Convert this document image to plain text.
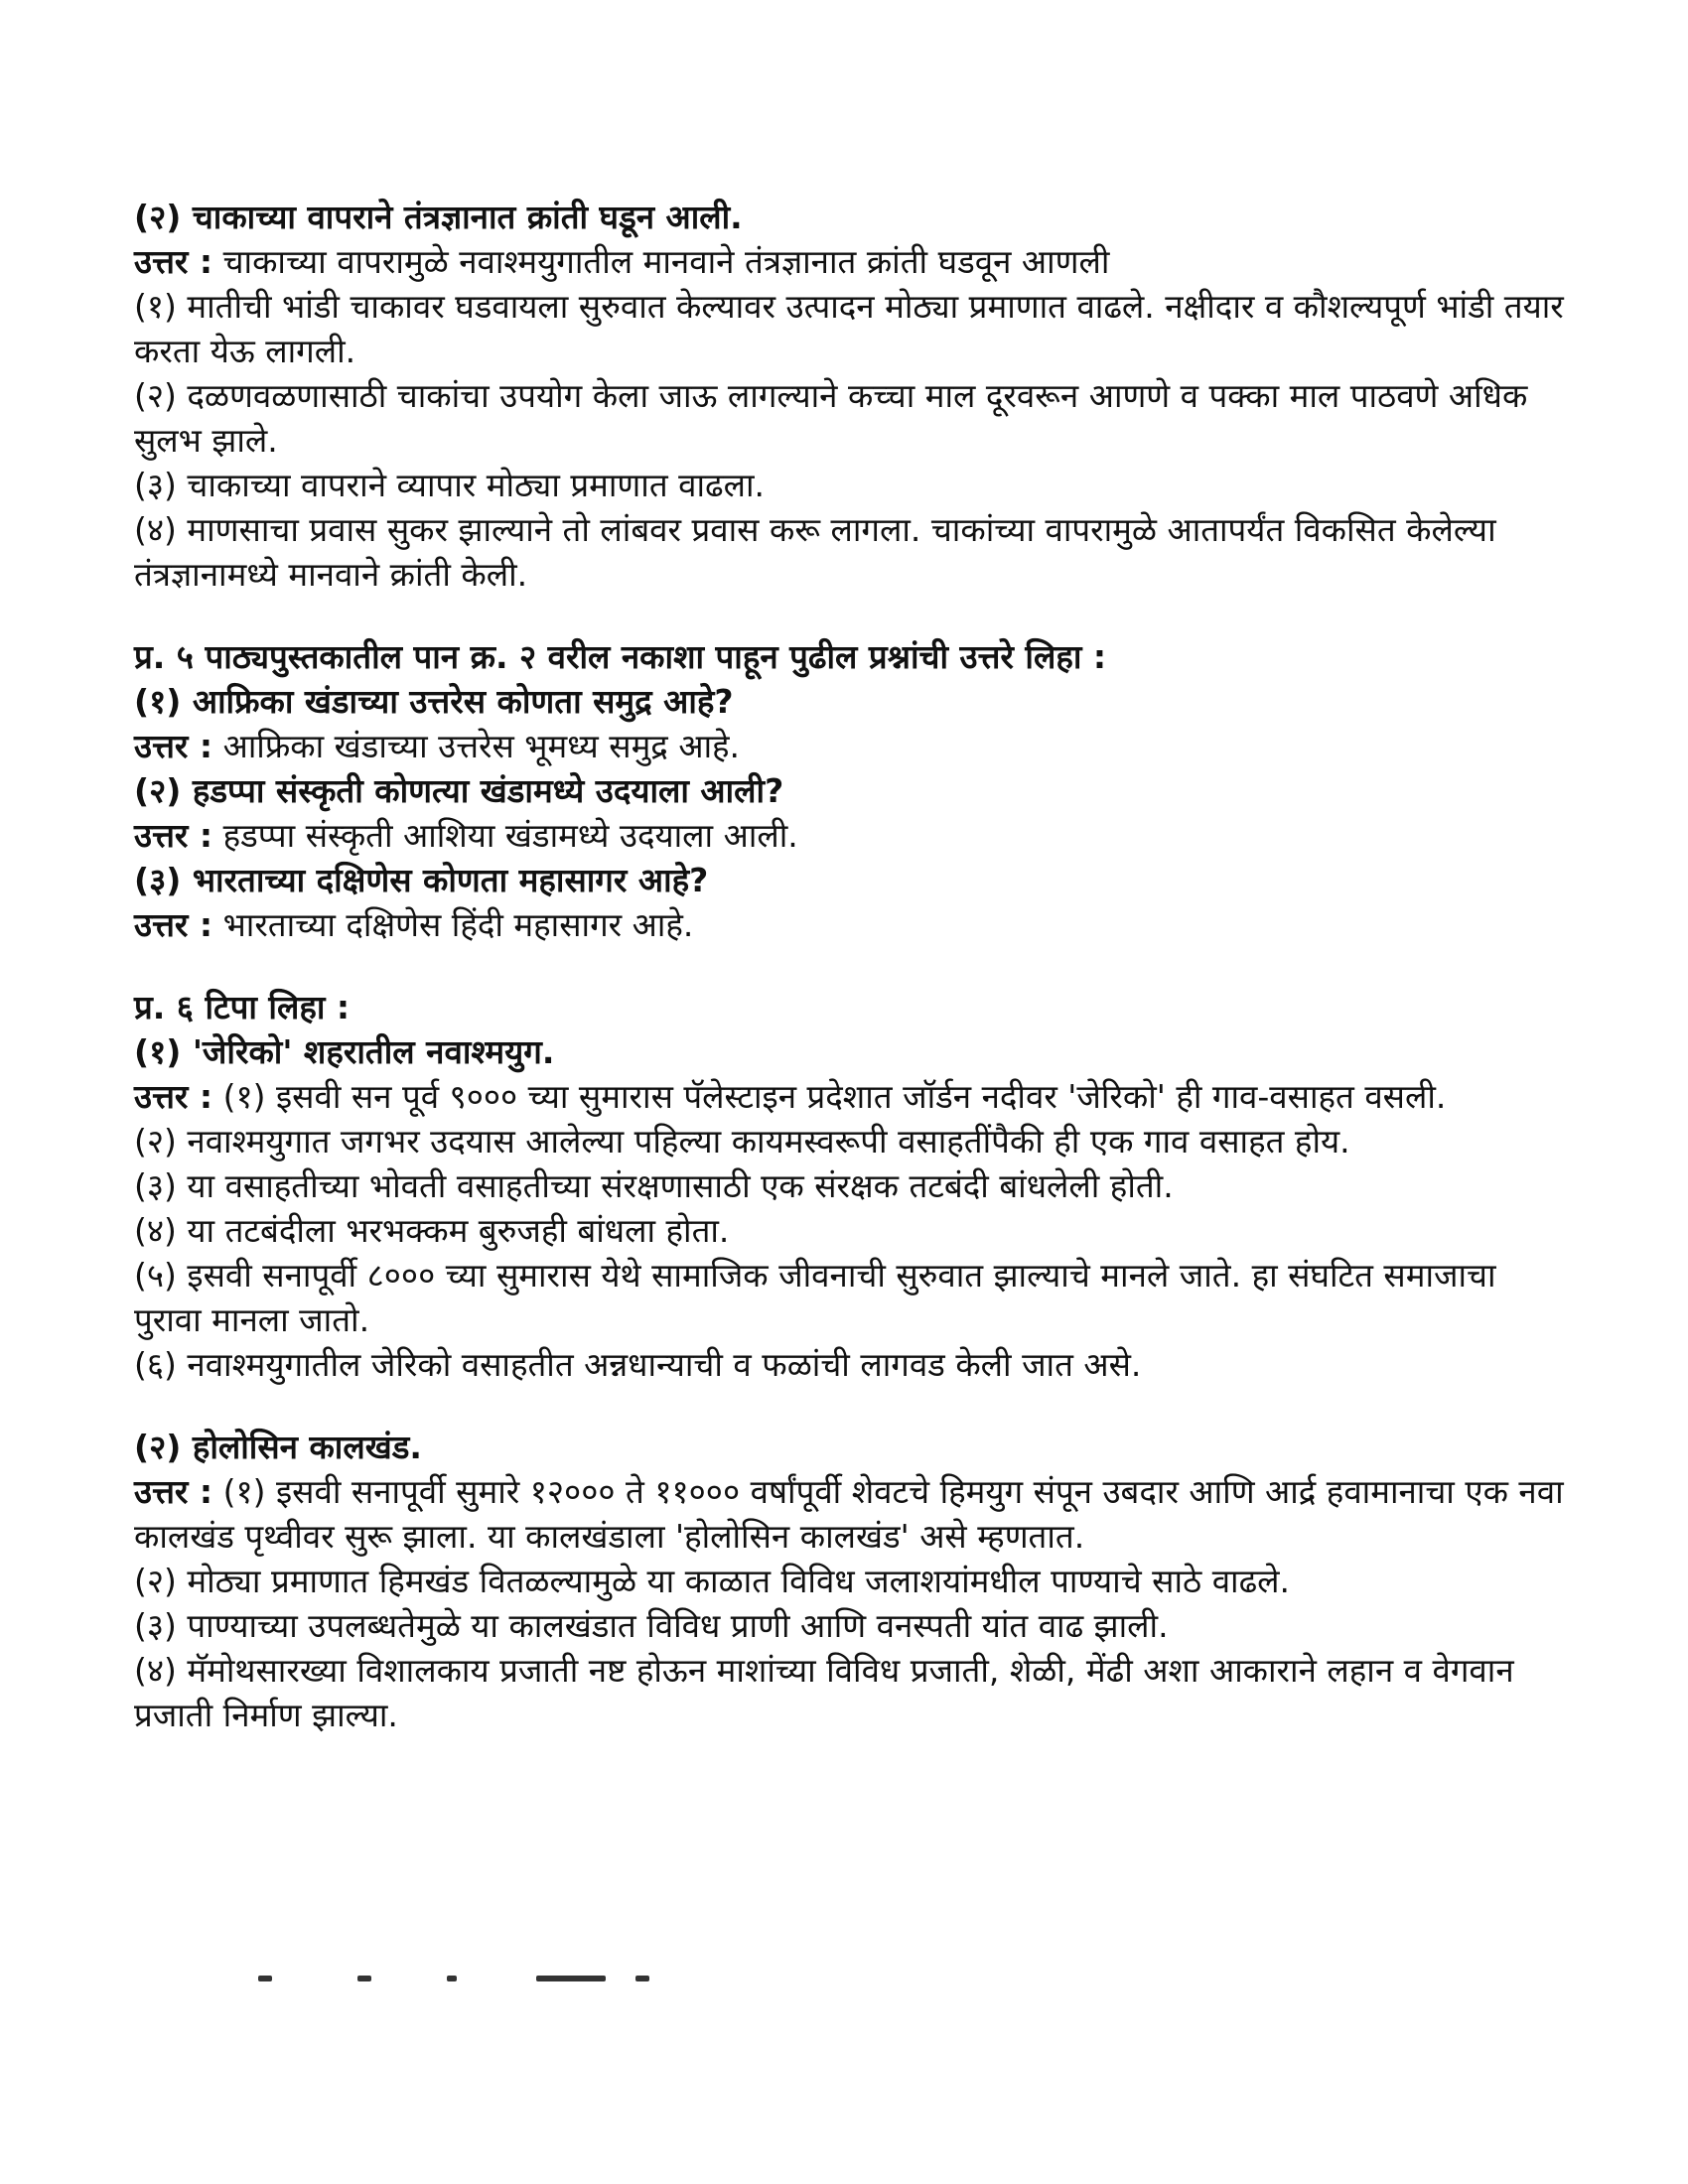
(२) चाकाच्या वापराने तंत्रज्ञानात क्रांती घडून आली.

उत्तर : चाकाच्या वापरामुळे नवाश्मयुगातील मानवाने तंत्रज्ञानात क्रांती घडवून आणली

(१) मातीची भांडी चाकावर घडवायला सुरुवात केल्यावर उत्पादन मोठ्या प्रमाणात वाढले. नक्षीदार व कौशल्यपूर्ण भांडी तयार करता येऊ लागली.

(२) दळणवळणासाठी चाकांचा उपयोग केला जाऊ लागल्याने कच्चा माल दूरवरून आणणे व पक्का माल पाठवणे अधिक सुलभ झाले.

(३) चाकाच्या वापराने व्यापार मोठ्या प्रमाणात वाढला.

(४) माणसाचा प्रवास सुकर झाल्याने तो लांबवर प्रवास करू लागला. चाकांच्या वापरामुळे आतापर्यंत विकसित केलेल्या तंत्रज्ञानामध्ये मानवाने क्रांती केली.

प्र. ५ पाठ्यपुस्तकातील पान क्र. २ वरील नकाशा पाहून पुढील प्रश्नांची उत्तरे लिहा :

(१) आफ्रिका खंडाच्या उत्तरेस कोणता समुद्र आहे?

उत्तर : आफ्रिका खंडाच्या उत्तरेस भूमध्य समुद्र आहे.

(२) हडप्पा संस्कृती कोणत्या खंडामध्ये उदयाला आली?

उत्तर : हडप्पा संस्कृती आशिया खंडामध्ये उदयाला आली.

(३) भारताच्या दक्षिणेस कोणता महासागर आहे?

उत्तर : भारताच्या दक्षिणेस हिंदी महासागर आहे.

प्र. ६ टिपा लिहा :

(१) 'जेरिको' शहरातील नवाश्मयुग.

उत्तर : (१) इसवी सन पूर्व ९००० च्या सुमारास पॅलेस्टाइन प्रदेशात जॉर्डन नदीवर 'जेरिको' ही गाव-वसाहत वसली.

(२) नवाश्मयुगात जगभर उदयास आलेल्या पहिल्या कायमस्वरूपी वसाहतींपैकी ही एक गाव वसाहत होय.

(३) या वसाहतीच्या भोवती वसाहतीच्या संरक्षणासाठी एक संरक्षक तटबंदी बांधलेली होती.

(४) या तटबंदीला भरभक्कम बुरुजही बांधला होता.

(५) इसवी सनापूर्वी ८००० च्या सुमारास येथे सामाजिक जीवनाची सुरुवात झाल्याचे मानले जाते. हा संघटित समाजाचा पुरावा मानला जातो.

(६) नवाश्मयुगातील जेरिको वसाहतीत अन्नधान्याची व फळांची लागवड केली जात असे.

(२) होलोसिन कालखंड.

उत्तर : (१) इसवी सनापूर्वी सुमारे १२००० ते ११००० वर्षांपूर्वी शेवटचे हिमयुग संपून उबदार आणि आर्द्र हवामानाचा एक नवा कालखंड पृथ्वीवर सुरू झाला. या कालखंडाला 'होलोसिन कालखंड' असे म्हणतात.

(२) मोठ्या प्रमाणात हिमखंड वितळल्यामुळे या काळात विविध जलाशयांमधील पाण्याचे साठे वाढले.

(३) पाण्याच्या उपलब्धतेमुळे या कालखंडात विविध प्राणी आणि वनस्पती यांत वाढ झाली.

(४) मॅमोथसारख्या विशालकाय प्रजाती नष्ट होऊन माशांच्या विविध प्रजाती, शेळी, मेंढी अशा आकाराने लहान व वेगवान प्रजाती निर्माण झाल्या.
